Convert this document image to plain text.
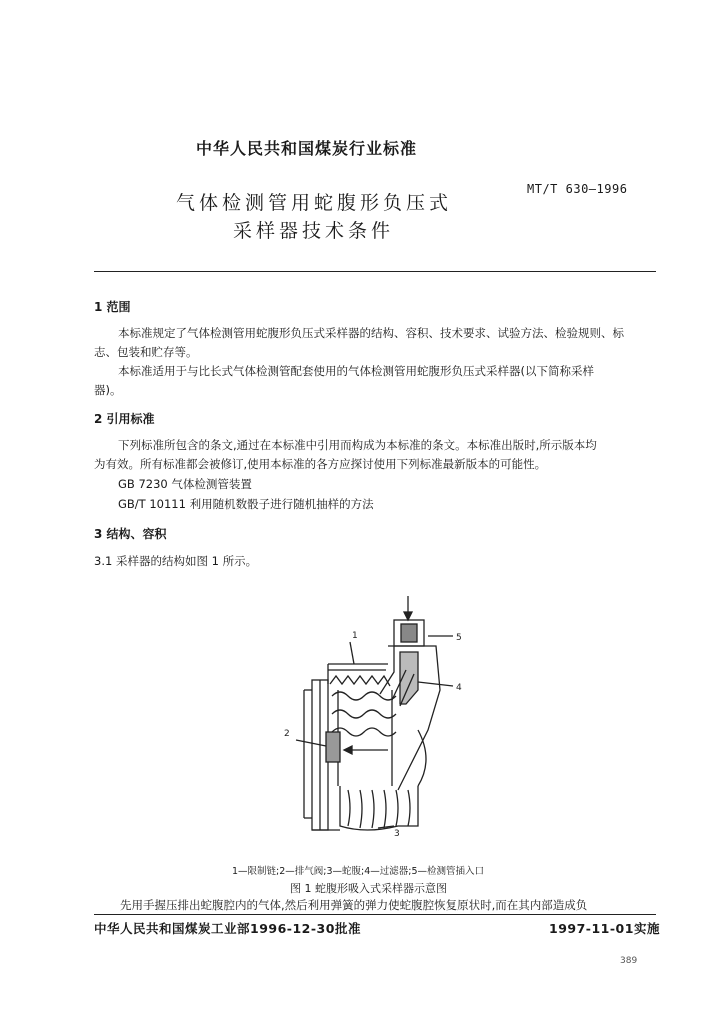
中华人民共和国煤炭行业标准
MT/T 630—1996
气体检测管用蛇腹形负压式
采样器技术条件
1 范围
本标准规定了气体检测管用蛇腹形负压式采样器的结构、容积、技术要求、试验方法、检验规则、标
志、包装和贮存等。
本标准适用于与比长式气体检测管配套使用的气体检测管用蛇腹形负压式采样器(以下简称采样
器)。
2 引用标准
下列标准所包含的条文,通过在本标准中引用而构成为本标准的条文。本标准出版时,所示版本均
为有效。所有标准都会被修订,使用本标准的各方应探讨使用下列标准最新版本的可能性。
GB 7230 气体检测管装置
GB/T 10111 利用随机数骰子进行随机抽样的方法
3 结构、容积
3.1 采样器的结构如图 1 所示。
1
2
3
4
5
1—限制链;2—排气阀;3—蛇腹;4—过滤器;5—检测管插入口
图 1 蛇腹形吸入式采样器示意图
先用手握压排出蛇腹腔内的气体,然后利用弹簧的弹力使蛇腹腔恢复原状时,而在其内部造成负
中华人民共和国煤炭工业部1996-12-30批准	1997-11-01实施
389
